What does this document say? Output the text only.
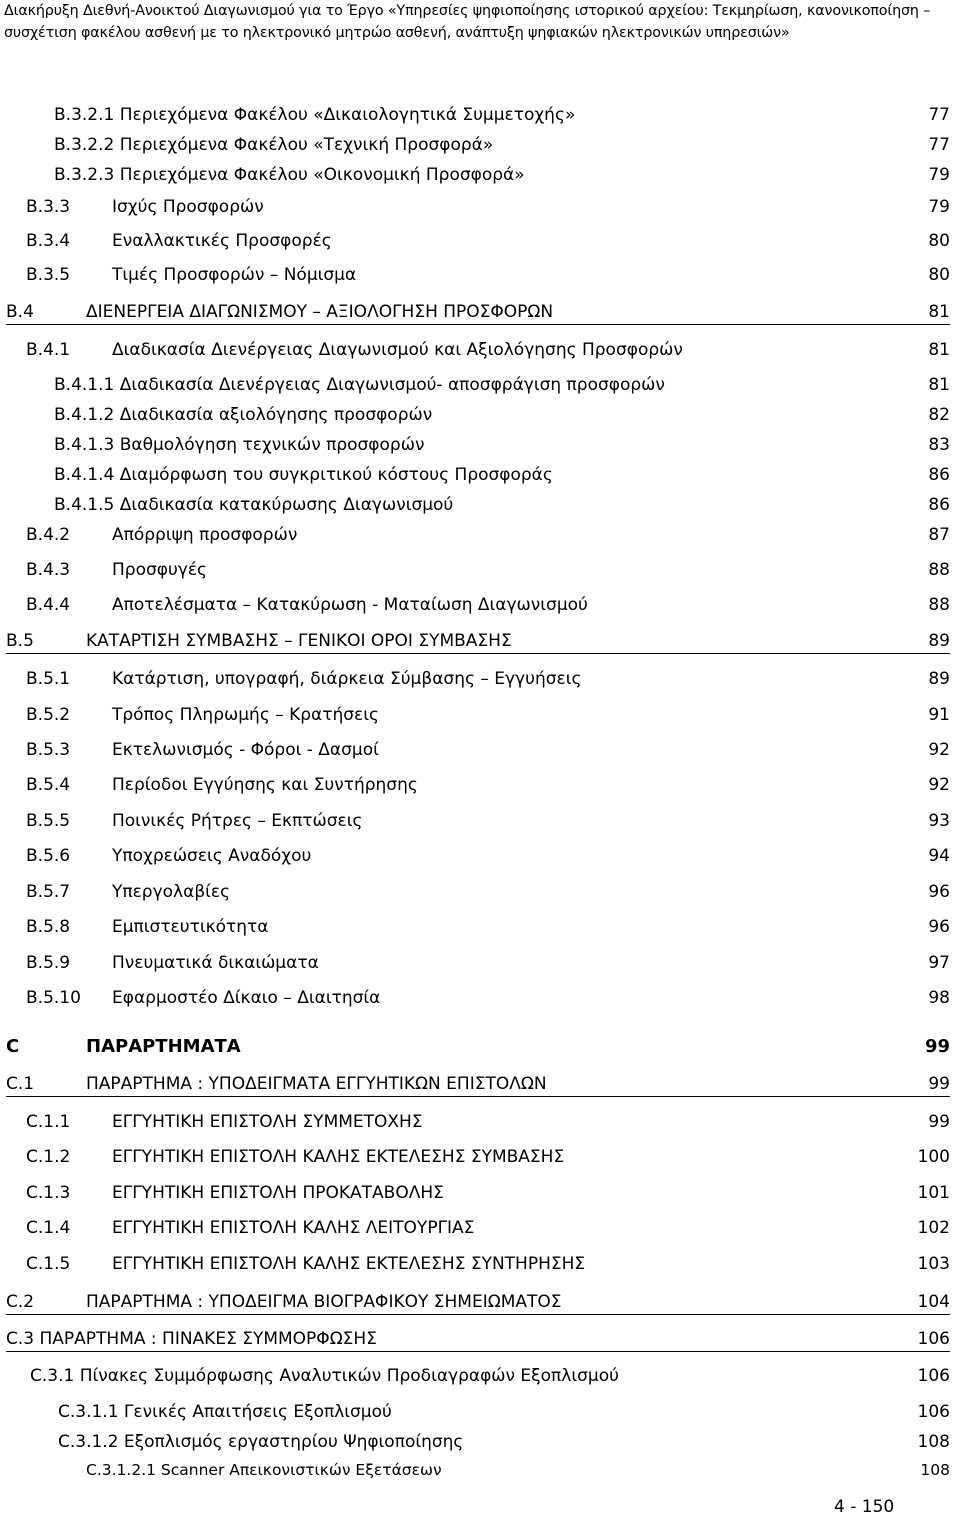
Διακήρυξη Διεθνή-Ανοικτού Διαγωνισμού για το Έργο «Υπηρεσίες ψηφιοποίησης ιστορικού αρχείου: Τεκμηρίωση, κανονικοποίηση –
συσχέτιση φακέλου ασθενή με το ηλεκτρονικό μητρώο ασθενή, ανάπτυξη ψηφιακών ηλεκτρονικών υπηρεσιών»
B.3.2.1 Περιεχόμενα Φακέλου «Δικαιολογητικά Συμμετοχής»	77
B.3.2.2 Περιεχόμενα Φακέλου «Τεχνική Προσφορά»	77
B.3.2.3 Περιεχόμενα Φακέλου «Οικονομική Προσφορά»	79
B.3.3 Ισχύς Προσφορών	79
B.3.4 Εναλλακτικές Προσφορές	80
B.3.5 Τιμές Προσφορών – Νόμισμα	80
B.4	ΔΙΕΝΕΡΓΕΙΑ ΔΙΑΓΩΝΙΣΜΟΥ – ΑΞΙΟΛΟΓΗΣΗ ΠΡΟΣΦΟΡΩΝ	81
B.4.1 Διαδικασία Διενέργειας Διαγωνισμού και Αξιολόγησης Προσφορών	81
B.4.1.1 Διαδικασία Διενέργειας Διαγωνισμού- αποσφράγιση προσφορών	81
B.4.1.2 Διαδικασία αξιολόγησης προσφορών	82
B.4.1.3 Βαθμολόγηση τεχνικών προσφορών	83
B.4.1.4 Διαμόρφωση του συγκριτικού κόστους Προσφοράς	86
B.4.1.5 Διαδικασία κατακύρωσης Διαγωνισμού	86
B.4.2 Απόρριψη προσφορών	87
B.4.3 Προσφυγές	88
B.4.4 Αποτελέσματα – Κατακύρωση - Ματαίωση Διαγωνισμού	88
B.5	ΚΑΤΑΡΤΙΣΗ ΣΥΜΒΑΣΗΣ – ΓΕΝΙΚΟΙ ΟΡΟΙ ΣΥΜΒΑΣΗΣ	89
B.5.1 Κατάρτιση, υπογραφή, διάρκεια Σύμβασης – Εγγυήσεις	89
B.5.2 Τρόπος Πληρωμής – Κρατήσεις	91
B.5.3 Εκτελωνισμός - Φόροι - Δασμοί	92
B.5.4 Περίοδοι Εγγύησης και Συντήρησης	92
B.5.5 Ποινικές Ρήτρες – Εκπτώσεις	93
B.5.6 Υποχρεώσεις Αναδόχου	94
B.5.7 Υπεργολαβίες	96
B.5.8 Εμπιστευτικότητα	96
B.5.9 Πνευματικά δικαιώματα	97
B.5.10 Εφαρμοστέο Δίκαιο – Διαιτησία	98
C	ΠΑΡΑΡΤΗΜΑΤΑ	99
C.1	ΠΑΡΑΡΤΗΜΑ : ΥΠΟΔΕΙΓΜΑΤΑ ΕΓΓΥΗΤΙΚΩΝ ΕΠΙΣΤΟΛΩΝ	99
C.1.1 ΕΓΓΥΗΤΙΚΗ ΕΠΙΣΤΟΛΗ ΣΥΜΜΕΤΟΧΗΣ	99
C.1.2 ΕΓΓΥΗΤΙΚΗ ΕΠΙΣΤΟΛΗ ΚΑΛΗΣ ΕΚΤΕΛΕΣΗΣ ΣΥΜΒΑΣΗΣ	100
C.1.3 ΕΓΓΥΗΤΙΚΗ ΕΠΙΣΤΟΛΗ ΠΡΟΚΑΤΑΒΟΛΗΣ	101
C.1.4 ΕΓΓΥΗΤΙΚΗ ΕΠΙΣΤΟΛΗ ΚΑΛΗΣ ΛΕΙΤΟΥΡΓΙΑΣ	102
C.1.5 ΕΓΓΥΗΤΙΚΗ ΕΠΙΣΤΟΛΗ ΚΑΛΗΣ ΕΚΤΕΛΕΣΗΣ ΣΥΝΤΗΡΗΣΗΣ	103
C.2	ΠΑΡΑΡΤΗΜΑ : ΥΠΟΔΕΙΓΜΑ ΒΙΟΓΡΑΦΙΚΟΥ ΣΗΜΕΙΩΜΑΤΟΣ	104
C.3 ΠΑΡΑΡΤΗΜΑ : ΠΙΝΑΚΕΣ ΣΥΜΜΟΡΦΩΣΗΣ	106
C.3.1 Πίνακες Συμμόρφωσης Αναλυτικών Προδιαγραφών Εξοπλισμού	106
C.3.1.1 Γενικές Απαιτήσεις Εξοπλισμού	106
C.3.1.2 Εξοπλισμός εργαστηρίου Ψηφιοποίησης	108
C.3.1.2.1 Scanner Απεικονιστικών Εξετάσεων	108
4 - 150
